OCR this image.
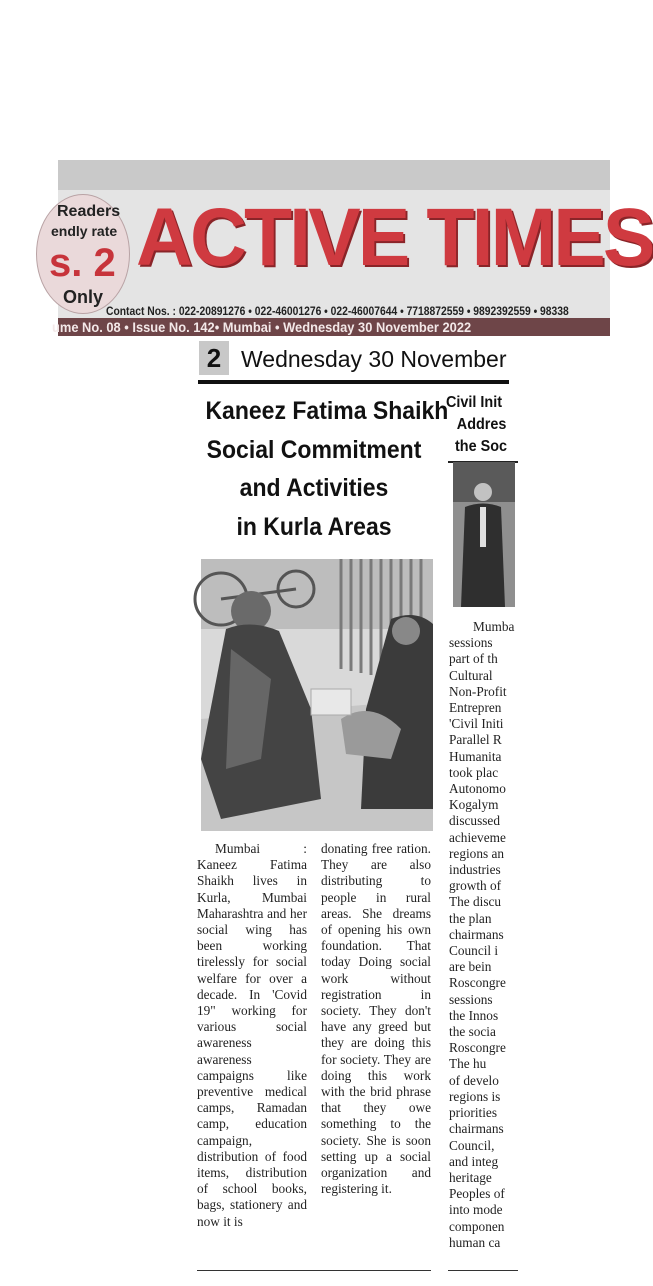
Readers
endly rate
s. 2
Only
ACTIVE TIMES
Contact Nos. : 022-20891276 • 022-46001276 • 022-46007644 • 7718872559 • 9892392559 • 98338
ume No. 08 • Issue No. 142• Mumbai • Wednesday 30 November 2022
2 Wednesday 30 November
Kaneez Fatima Shaikh
Social Commitment
and Activities
in Kurla Areas
Mumbai : Kaneez Fatima Shaikh lives in Kurla, Mumbai Maharashtra and her social wing has been working tirelessly for social welfare for over a decade. In 'Covid 19" working for various social awareness awareness campaigns like preventive medical camps, Ramadan camp, education campaign, distribution of food items, distribution of school books, bags, stationery and now it is
donating free ration. They are also distributing to people in rural areas. She dreams of opening his own foundation. That today Doing social work without registration in society. They don't have any greed but they are doing this for society. They are doing this work with the brid phrase that they owe something to the society. She is soon setting up a social organization and registering it.
Civil Init
Addres
the Soc
Mumba
sessions
part of th
Cultural
Non-Profit
Entrepren
'Civil Initi
Parallel R
Humanita
took plac
Autonomo
Kogalym
discussed
achieveme
regions an
industries
growth of
The discu
the plan
chairmans
Council i
are bein
Roscongre
sessions
the Innos
the socia
Roscongre
The hu
of develo
regions is
priorities
chairmans
Council,
and integ
heritage
Peoples of
into mode
componen
human ca
